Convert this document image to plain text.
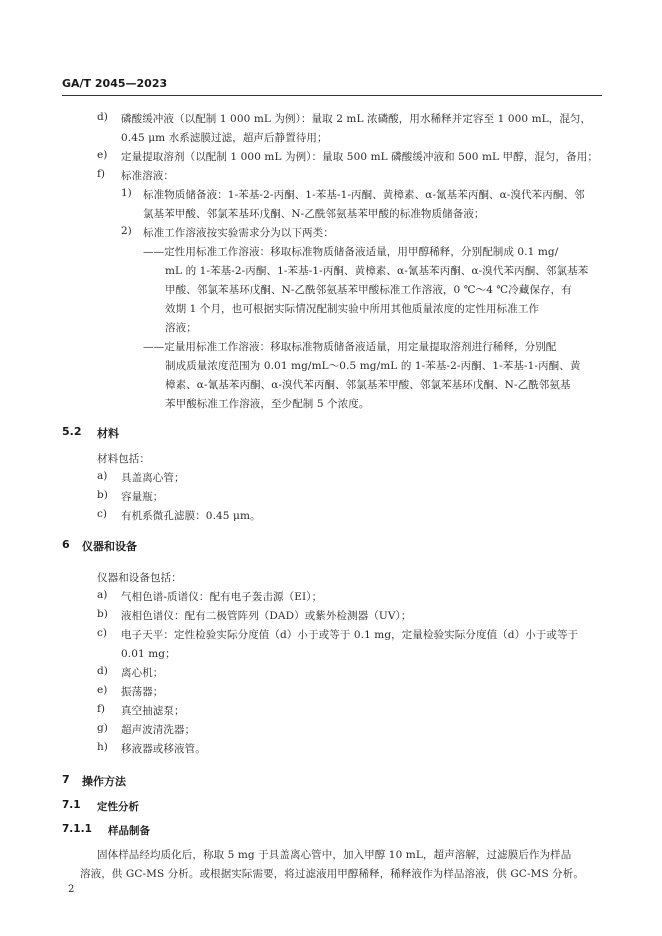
GA/T 2045—2023
d) 磷酸缓冲液（以配制 1 000 mL 为例）：量取 2 mL 浓磷酸，用水稀释并定容至 1 000 mL，混匀，
0.45 μm 水系滤膜过滤，超声后静置待用；
e) 定量提取溶剂（以配制 1 000 mL 为例）：量取 500 mL 磷酸缓冲液和 500 mL 甲醇，混匀，备用；
f) 标准溶液：
1) 标准物质储备液：1-苯基-2-丙酮、1-苯基-1-丙酮、黄樟素、α-氰基苯丙酮、α-溴代苯丙酮、邻
氯基苯甲酸、邻氯苯基环戊酮、N-乙酰邻氨基苯甲酸的标准物质储备液；
2) 标准工作溶液按实验需求分为以下两类：
——定性用标准工作溶液：移取标准物质储备液适量，用甲醇稀释，分别配制成 0.1 mg/
mL 的 1-苯基-2-丙酮、1-苯基-1-丙酮、黄樟素、α-氰基苯丙酮、α-溴代苯丙酮、邻氯基苯
甲酸、邻氯苯基环戊酮、N-乙酰邻氨基苯甲酸标准工作溶液，0 ℃～4 ℃冷藏保存，有
效期 1 个月，也可根据实际情况配制实验中所用其他质量浓度的定性用标准工作
溶液；
——定量用标准工作溶液：移取标准物质储备液适量，用定量提取溶剂进行稀释，分别配
制成质量浓度范围为 0.01 mg/mL～0.5 mg/mL 的 1-苯基-2-丙酮、1-苯基-1-丙酮、黄
樟素、α-氰基苯丙酮、α-溴代苯丙酮、邻氯基苯甲酸、邻氯苯基环戊酮、N-乙酰邻氨基
苯甲酸标准工作溶液，至少配制 5 个浓度。
5.2 材料
材料包括：
a) 具盖离心管；
b) 容量瓶；
c) 有机系微孔滤膜：0.45 μm。
6 仪器和设备
仪器和设备包括：
a) 气相色谱-质谱仪：配有电子轰击源（EI）；
b) 液相色谱仪：配有二极管阵列（DAD）或紫外检测器（UV）；
c) 电子天平：定性检验实际分度值（d）小于或等于 0.1 mg，定量检验实际分度值（d）小于或等于
0.01 mg；
d) 离心机；
e) 振荡器；
f) 真空抽滤泵；
g) 超声波清洗器；
h) 移液器或移液管。
7 操作方法
7.1 定性分析
7.1.1 样品制备
固体样品经均质化后，称取 5 mg 于具盖离心管中，加入甲醇 10 mL，超声溶解，过滤膜后作为样品
溶液，供 GC-MS 分析。或根据实际需要，将过滤液用甲醇稀释，稀释液作为样品溶液，供 GC-MS 分析。
2
